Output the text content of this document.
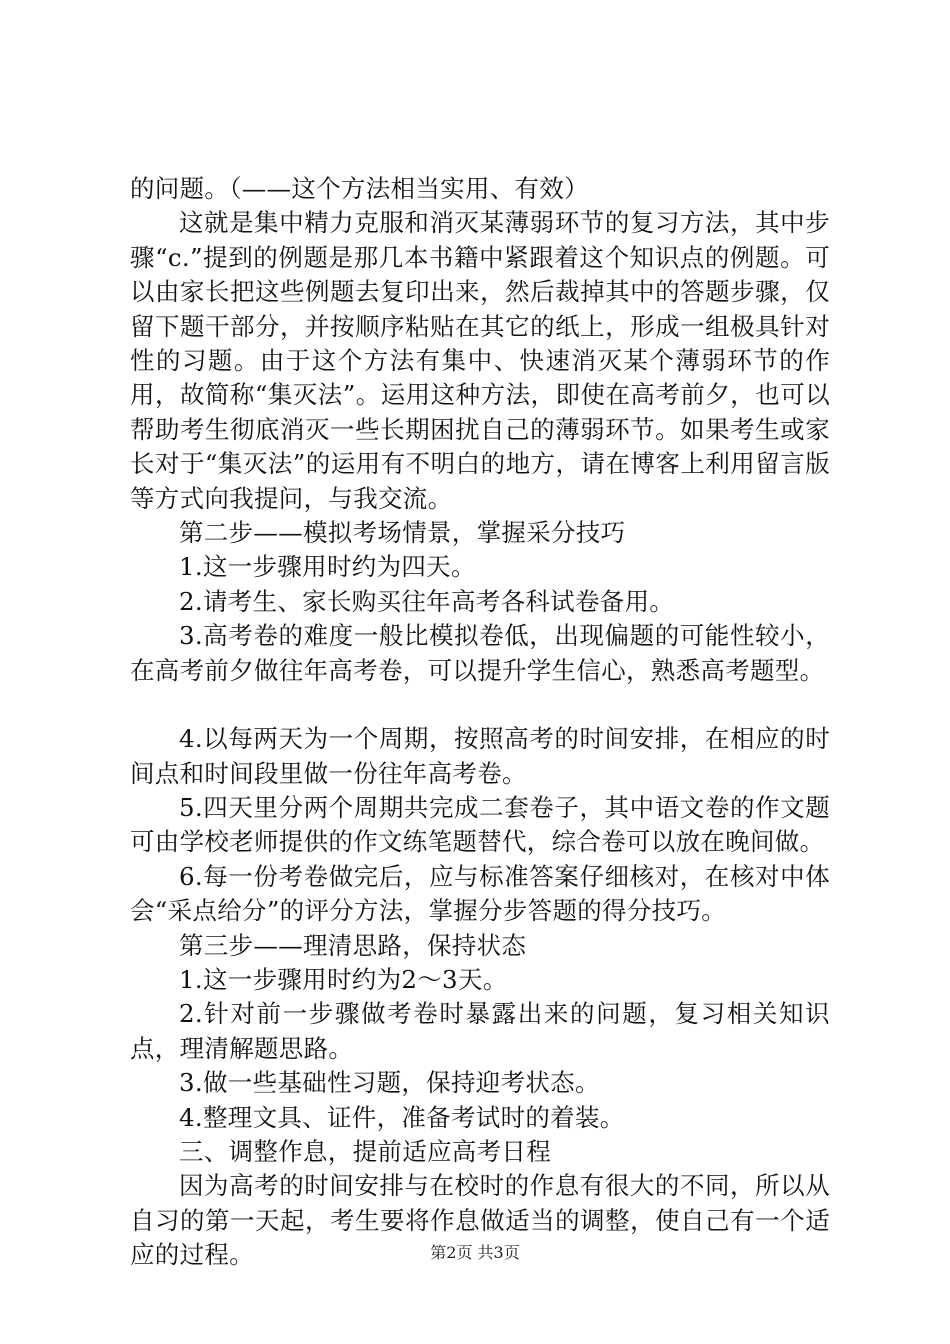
的问题。（——这个方法相当实用、有效）

这就是集中精力克服和消灭某薄弱环节的复习方法，其中步骤“c.”提到的例题是那几本书籍中紧跟着这个知识点的例题。可以由家长把这些例题去复印出来，然后裁掉其中的答题步骤，仅留下题干部分，并按顺序粘贴在其它的纸上，形成一组极具针对性的习题。由于这个方法有集中、快速消灭某个薄弱环节的作用，故简称“集灭法”。运用这种方法，即使在高考前夕，也可以帮助考生彻底消灭一些长期困扰自己的薄弱环节。如果考生或家长对于“集灭法”的运用有不明白的地方，请在博客上利用留言版等方式向我提问，与我交流。

第二步——模拟考场情景，掌握采分技巧

1.这一步骤用时约为四天。

2.请考生、家长购买往年高考各科试卷备用。

3.高考卷的难度一般比模拟卷低，出现偏题的可能性较小，在高考前夕做往年高考卷，可以提升学生信心，熟悉高考题型。

4.以每两天为一个周期，按照高考的时间安排，在相应的时间点和时间段里做一份往年高考卷。

5.四天里分两个周期共完成二套卷子，其中语文卷的作文题可由学校老师提供的作文练笔题替代，综合卷可以放在晚间做。

6.每一份考卷做完后，应与标准答案仔细核对，在核对中体会“采点给分”的评分方法，掌握分步答题的得分技巧。

第三步——理清思路，保持状态

1.这一步骤用时约为2～3天。

2.针对前一步骤做考卷时暴露出来的问题，复习相关知识点，理清解题思路。

3.做一些基础性习题，保持迎考状态。

4.整理文具、证件，准备考试时的着装。

三、调整作息，提前适应高考日程

因为高考的时间安排与在校时的作息有很大的不同，所以从自习的第一天起，考生要将作息做适当的调整，使自己有一个适应的过程。	第2页 共3页
